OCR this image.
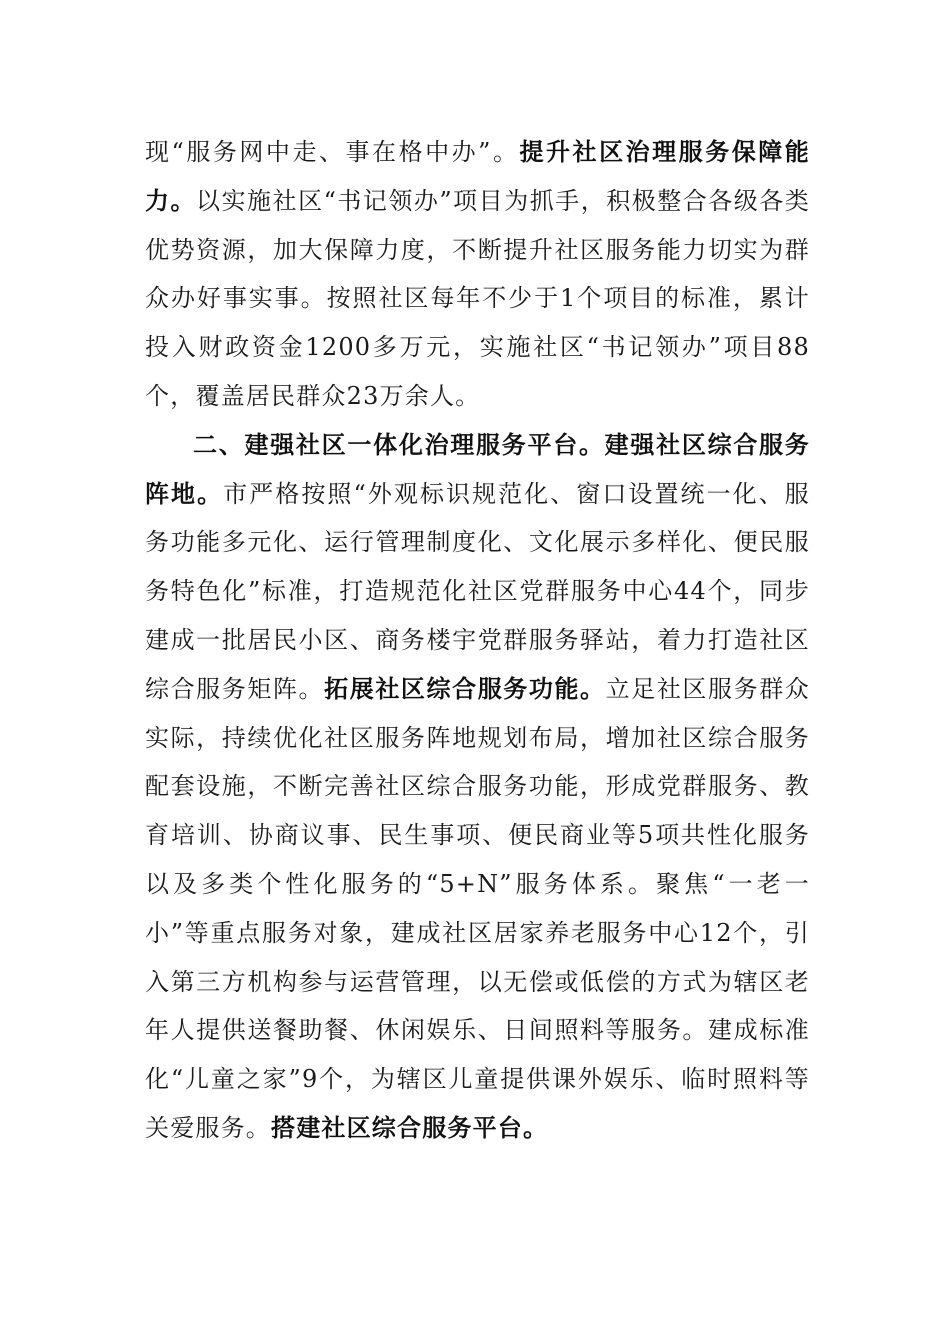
现“服务网中走、事在格中办”。提升社区治理服务保障能力。以实施社区“书记领办”项目为抓手，积极整合各级各类优势资源，加大保障力度，不断提升社区服务能力切实为群众办好事实事。按照社区每年不少于1个项目的标准，累计投入财政资金1200多万元，实施社区“书记领办”项目88个，覆盖居民群众23万余人。

二、建强社区一体化治理服务平台。建强社区综合服务阵地。市严格按照“外观标识规范化、窗口设置统一化、服务功能多元化、运行管理制度化、文化展示多样化、便民服务特色化”标准，打造规范化社区党群服务中心44个，同步建成一批居民小区、商务楼宇党群服务驿站，着力打造社区综合服务矩阵。拓展社区综合服务功能。立足社区服务群众实际，持续优化社区服务阵地规划布局，增加社区综合服务配套设施，不断完善社区综合服务功能，形成党群服务、教育培训、协商议事、民生事项、便民商业等5项共性化服务以及多类个性化服务的“5+N”服务体系。聚焦“一老一小”等重点服务对象，建成社区居家养老服务中心12个，引入第三方机构参与运营管理，以无偿或低偿的方式为辖区老年人提供送餐助餐、休闲娱乐、日间照料等服务。建成标准化“儿童之家”9个，为辖区儿童提供课外娱乐、临时照料等关爱服务。搭建社区综合服务平台。
